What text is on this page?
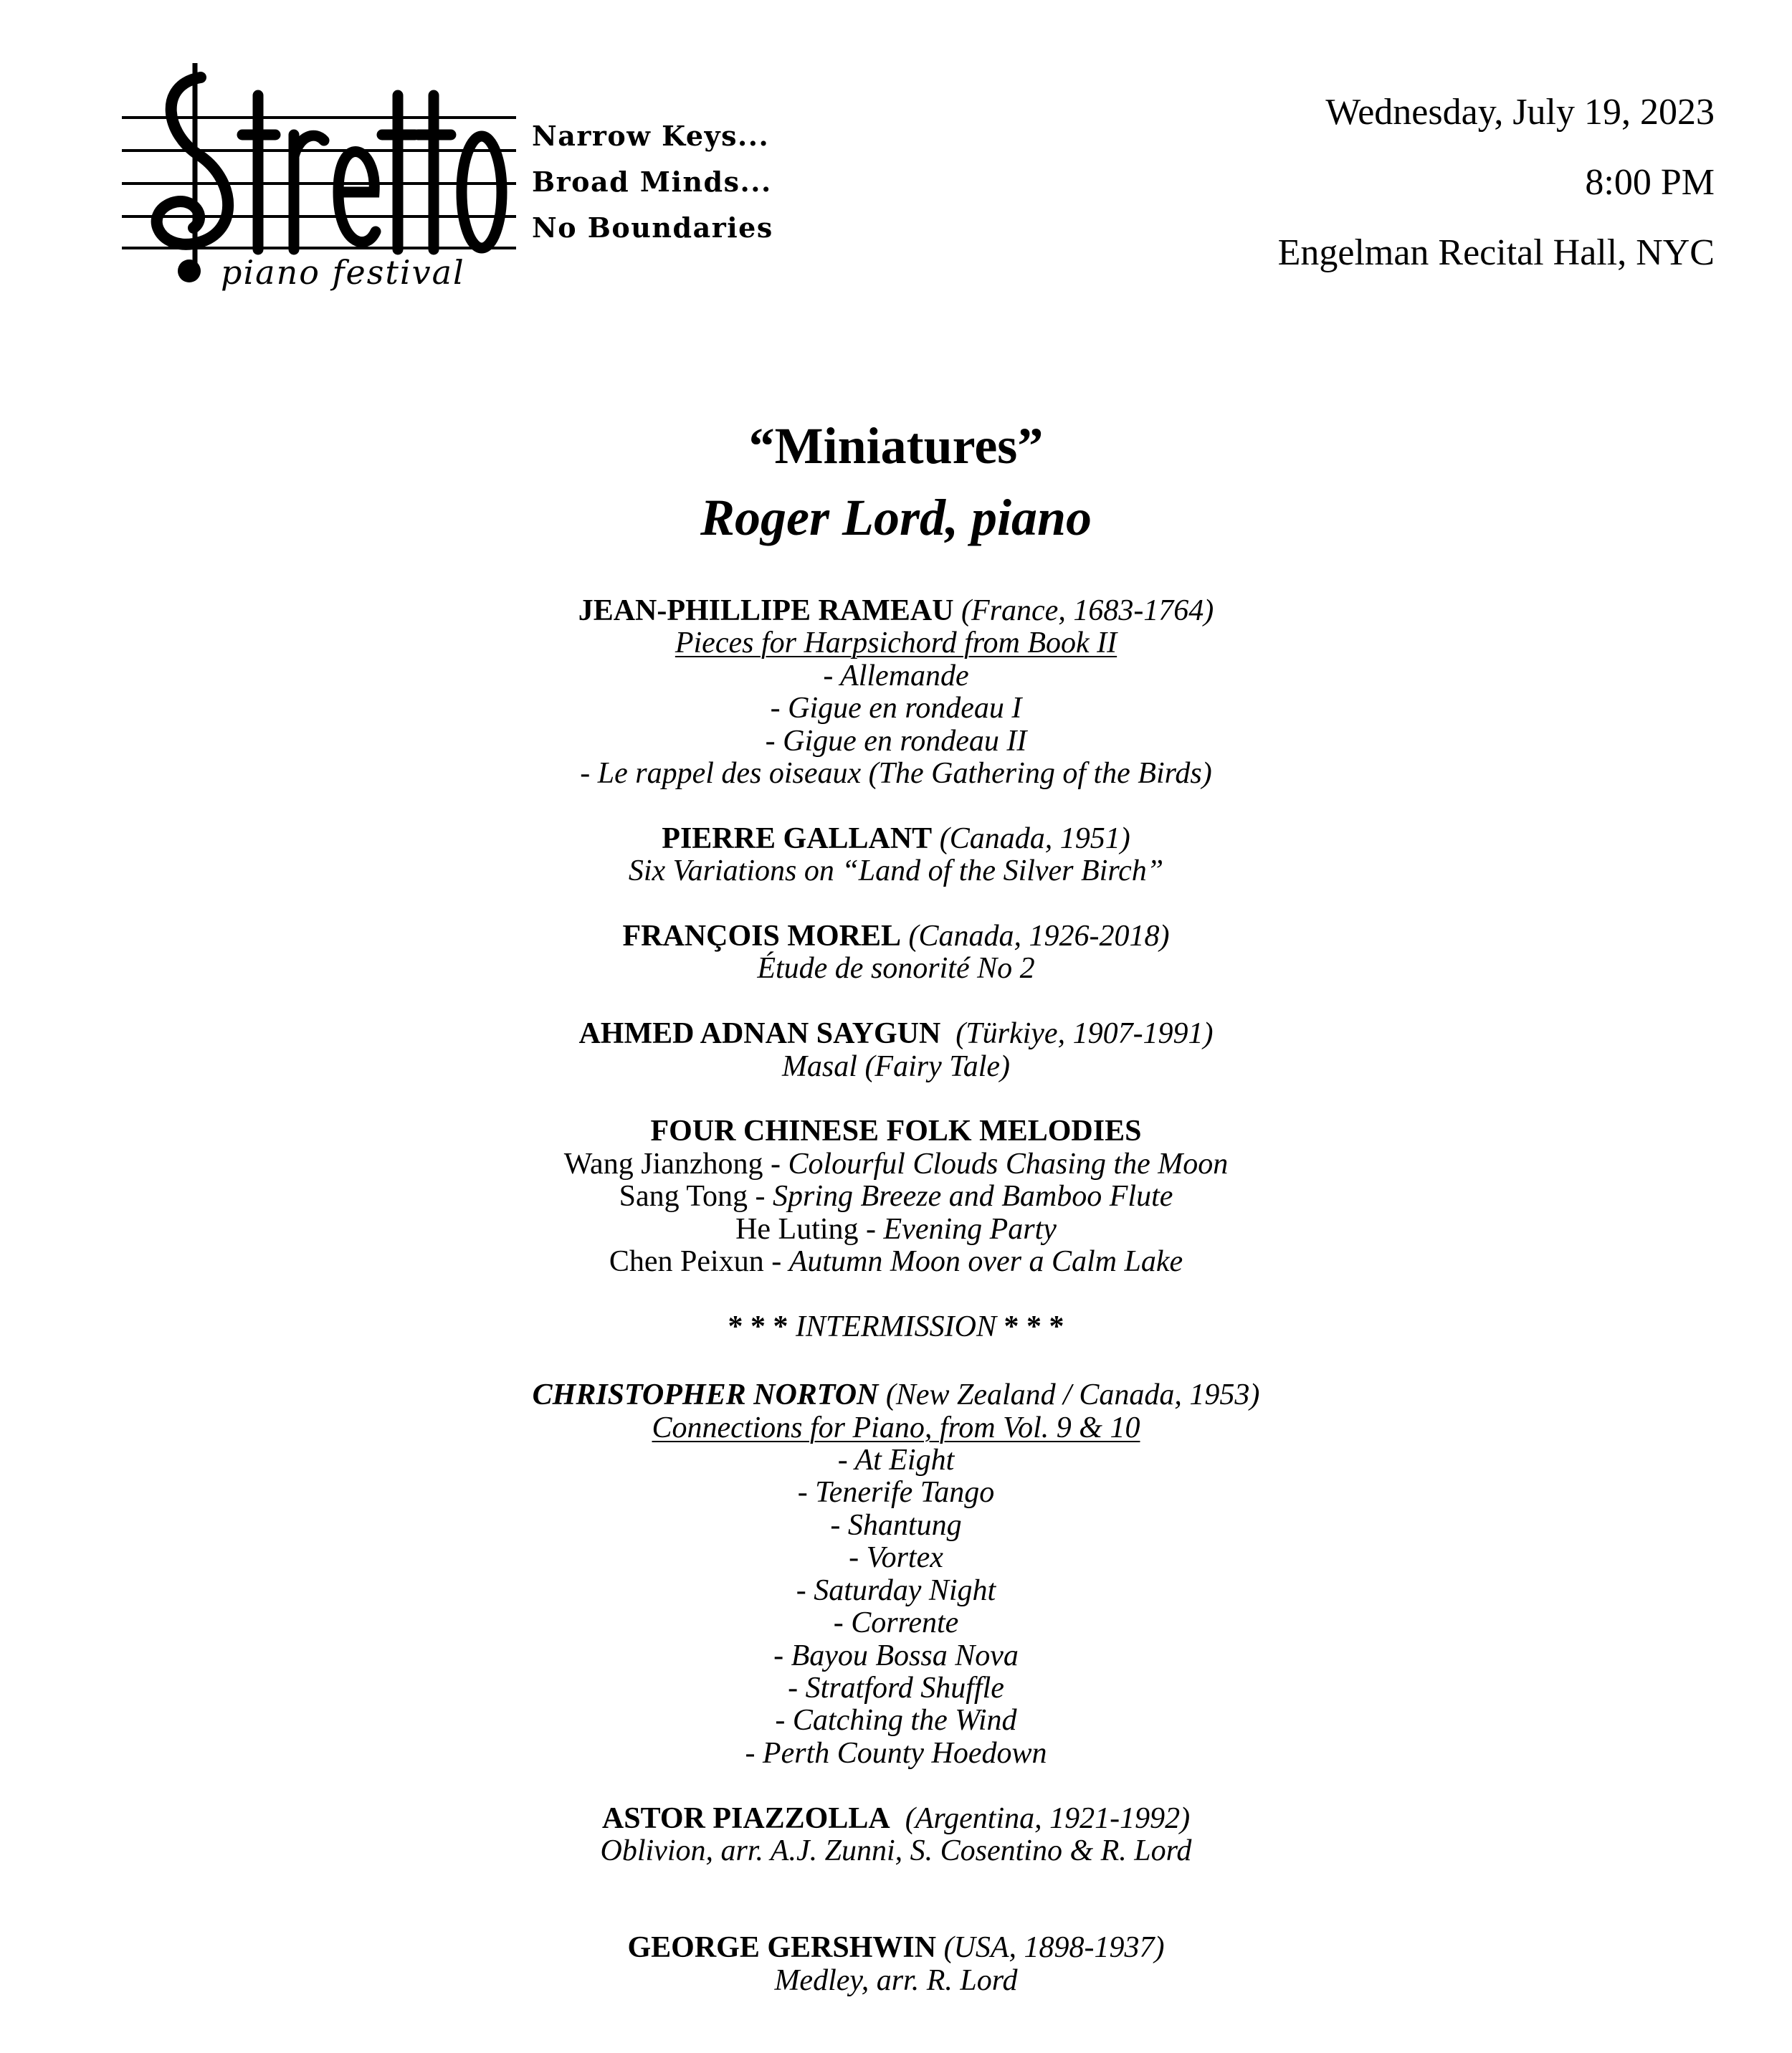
piano festival
Narrow Keys...
Broad Minds...
No Boundaries
Wednesday, July 19, 2023
8:00 PM
Engelman Recital Hall, NYC
“Miniatures”
Roger Lord, piano
JEAN-PHILLIPE RAMEAU (France, 1683-1764)
Pieces for Harpsichord from Book II
- Allemande
- Gigue en rondeau I
- Gigue en rondeau II
- Le rappel des oiseaux (The Gathering of the Birds)
PIERRE GALLANT (Canada, 1951)
Six Variations on “Land of the Silver Birch”
FRANÇOIS MOREL (Canada, 1926-2018)
Étude de sonorité No 2
AHMED ADNAN SAYGUN  (Türkiye, 1907-1991)
Masal (Fairy Tale)
FOUR CHINESE FOLK MELODIES
Wang Jianzhong - Colourful Clouds Chasing the Moon
Sang Tong - Spring Breeze and Bamboo Flute
He Luting - Evening Party
Chen Peixun - Autumn Moon over a Calm Lake
* * * INTERMISSION * * *
CHRISTOPHER NORTON (New Zealand / Canada, 1953)
Connections for Piano, from Vol. 9 & 10
- At Eight
- Tenerife Tango
- Shantung
- Vortex
- Saturday Night
- Corrente
- Bayou Bossa Nova
- Stratford Shuffle
- Catching the Wind
- Perth County Hoedown
ASTOR PIAZZOLLA  (Argentina, 1921-1992)
Oblivion, arr. A.J. Zunni, S. Cosentino & R. Lord
GEORGE GERSHWIN (USA, 1898-1937)
Medley, arr. R. Lord
